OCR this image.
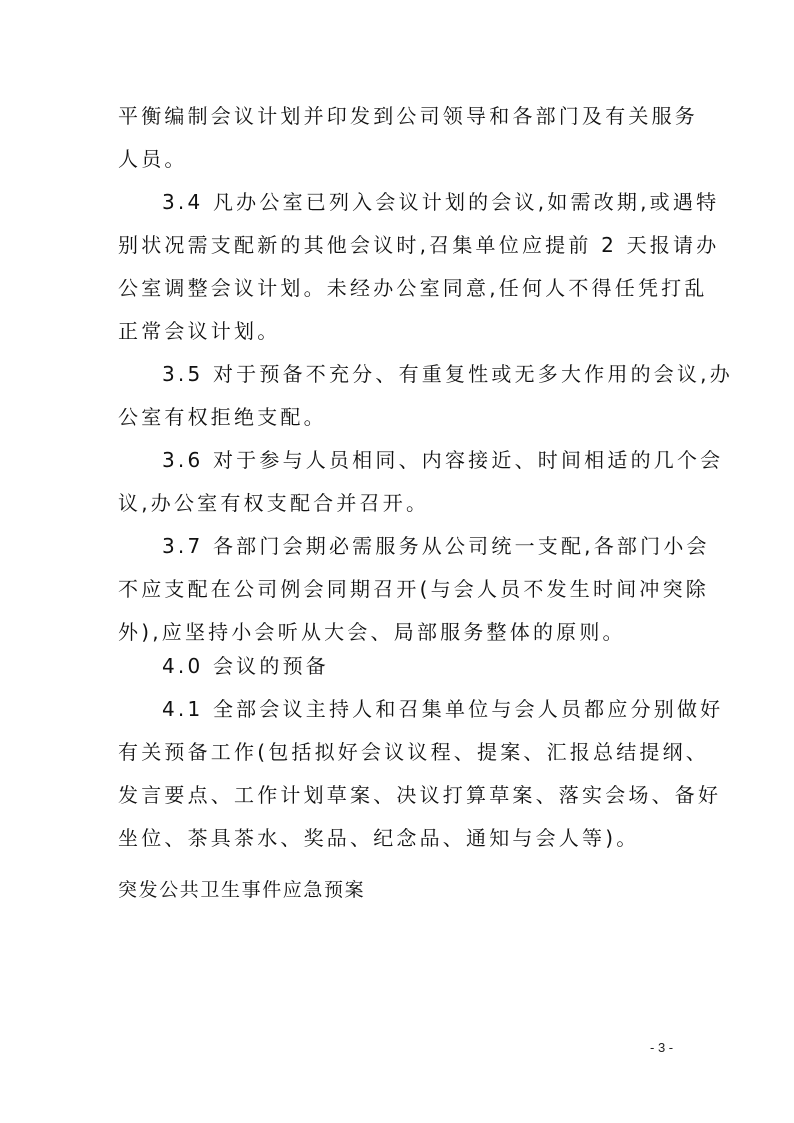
平衡编制会议计划并印发到公司领导和各部门及有关服务
人员。
3.4 凡办公室已列入会议计划的会议,如需改期,或遇特
别状况需支配新的其他会议时,召集单位应提前 2 天报请办
公室调整会议计划。未经办公室同意,任何人不得任凭打乱
正常会议计划。
3.5 对于预备不充分、有重复性或无多大作用的会议,办
公室有权拒绝支配。
3.6 对于参与人员相同、内容接近、时间相适的几个会
议,办公室有权支配合并召开。
3.7 各部门会期必需服务从公司统一支配,各部门小会
不应支配在公司例会同期召开(与会人员不发生时间冲突除
外),应坚持小会听从大会、局部服务整体的原则。
4.0 会议的预备
4.1 全部会议主持人和召集单位与会人员都应分别做好
有关预备工作(包括拟好会议议程、提案、汇报总结提纲、
发言要点、工作计划草案、决议打算草案、落实会场、备好
坐位、茶具茶水、奖品、纪念品、通知与会人等)。
突发公共卫生事件应急预案
- 3 -
